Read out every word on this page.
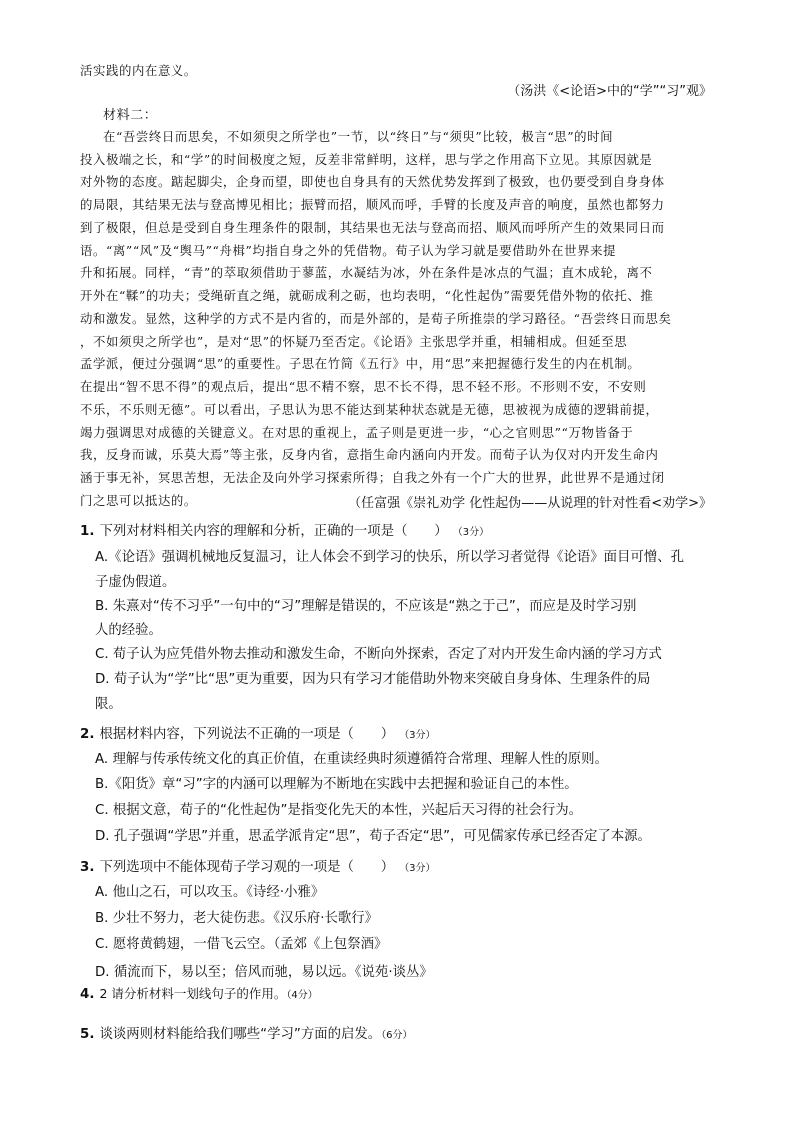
活实践的内在意义。
（汤洪《<论语>中的“学”“习”观》
材料二：
在“吾尝终日而思矣，不如须臾之所学也”一节，以“终日”与“须臾”比较，极言“思”的时间
投入极端之长，和“学”的时间极度之短，反差非常鲜明，这样，思与学之作用高下立见。其原因就是
对外物的态度。踮起脚尖，企身而望，即使也自身具有的天然优势发挥到了极致，也仍要受到自身身体
的局限，其结果无法与登高博见相比；振臂而招，顺风而呼，手臂的长度及声音的响度，虽然也都努力
到了极限，但总是受到自身生理条件的限制，其结果也无法与登高而招、顺风而呼所产生的效果同日而
语。“离”“风”及“舆马”“舟楫”均指自身之外的凭借物。荀子认为学习就是要借助外在世界来提
升和拓展。同样，“青”的萃取须借助于蓼蓝，水凝结为冰，外在条件是冰点的气温；直木成轮，离不
开外在“鞣”的功夫；受绳斫直之绳，就砺成利之砺，也均表明，“化性起伪”需要凭借外物的依托、推
动和激发。显然，这种学的方式不是内省的，而是外部的，是荀子所推崇的学习路径。“吾尝终日而思矣
，不如须臾之所学也”，是对“思”的怀疑乃至否定。《论语》主张思学并重，相辅相成。但延至思
孟学派，便过分强调“思”的重要性。子思在竹简《五行》中，用“思”来把握德行发生的内在机制。
在提出“智不思不得”的观点后，提出“思不精不察，思不长不得，思不轻不形。不形则不安，不安则
不乐，不乐则无德”。可以看出，子思认为思不能达到某种状态就是无德，思被视为成德的逻辑前提，
竭力强调思对成德的关键意义。在对思的重视上，孟子则是更进一步，“心之官则思”“万物皆备于
我，反身而诚，乐莫大焉”等主张，反身内省，意指生命内涵向内开发。而荀子认为仅对内开发生命内
涵于事无补，冥思苦想，无法企及向外学习探索所得；自我之外有一个广大的世界，此世界不是通过闭
门之思可以抵达的。	（任富强《崇礼劝学 化性起伪——从说理的针对性看<劝学>》
1. 下列对材料相关内容的理解和分析，正确的一项是（　　） （3分）
A.《论语》强调机械地反复温习，让人体会不到学习的快乐，所以学习者觉得《论语》面目可憎、孔
子虚伪假道。
B. 朱熹对“传不习乎”一句中的“习”理解是错误的，不应该是“熟之于己”，而应是及时学习别
人的经验。
C. 荀子认为应凭借外物去推动和激发生命，不断向外探索，否定了对内开发生命内涵的学习方式
D. 荀子认为“学”比“思”更为重要，因为只有学习才能借助外物来突破自身身体、生理条件的局
限。
2. 根据材料内容，下列说法不正确的一项是（　　） （3分）
A. 理解与传承传统文化的真正价值，在重读经典时须遵循符合常理、理解人性的原则。
B.《阳货》章“习”字的内涵可以理解为不断地在实践中去把握和验证自己的本性。
C. 根据文意，荀子的“化性起伪”是指变化先天的本性，兴起后天习得的社会行为。
D. 孔子强调“学思”并重，思孟学派肯定“思”，荀子否定“思”，可见儒家传承已经否定了本源。
3. 下列选项中不能体现荀子学习观的一项是（　　） （3分）
A. 他山之石，可以攻玉。《诗经·小雅》
B. 少壮不努力，老大徒伤悲。《汉乐府·长歌行》
C. 愿将黄鹤翅，一借飞云空。（孟郊《上包祭酒》
D. 循流而下，易以至；倍风而驰，易以远。《说苑·谈丛》
4. 2 请分析材料一划线句子的作用。（4分）
5. 谈谈两则材料能给我们哪些“学习”方面的启发。（6分）
